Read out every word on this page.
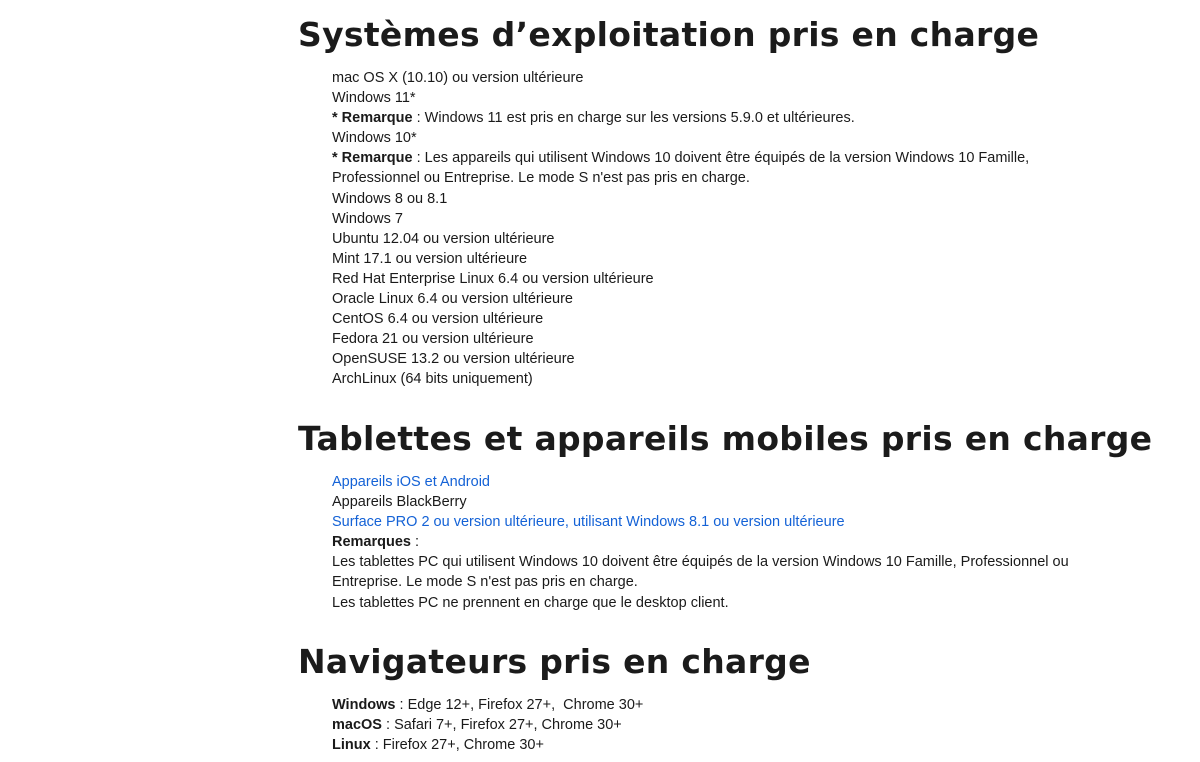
Systèmes d’exploitation pris en charge
mac OS X (10.10) ou version ultérieure
Windows 11*
* Remarque : Windows 11 est pris en charge sur les versions 5.9.0 et ultérieures.
Windows 10*
* Remarque : Les appareils qui utilisent Windows 10 doivent être équipés de la version Windows 10 Famille, Professionnel ou Entreprise. Le mode S n'est pas pris en charge.
Windows 8 ou 8.1
Windows 7
Ubuntu 12.04 ou version ultérieure
Mint 17.1 ou version ultérieure
Red Hat Enterprise Linux 6.4 ou version ultérieure
Oracle Linux 6.4 ou version ultérieure
CentOS 6.4 ou version ultérieure
Fedora 21 ou version ultérieure
OpenSUSE 13.2 ou version ultérieure
ArchLinux (64 bits uniquement)
Tablettes et appareils mobiles pris en charge
Appareils iOS et Android
Appareils BlackBerry
Surface PRO 2 ou version ultérieure, utilisant Windows 8.1 ou version ultérieure
Remarques :
Les tablettes PC qui utilisent Windows 10 doivent être équipés de la version Windows 10 Famille, Professionnel ou Entreprise. Le mode S n'est pas pris en charge.
Les tablettes PC ne prennent en charge que le desktop client.
Navigateurs pris en charge
Windows : Edge 12+, Firefox 27+,  Chrome 30+
macOS : Safari 7+, Firefox 27+, Chrome 30+
Linux : Firefox 27+, Chrome 30+
